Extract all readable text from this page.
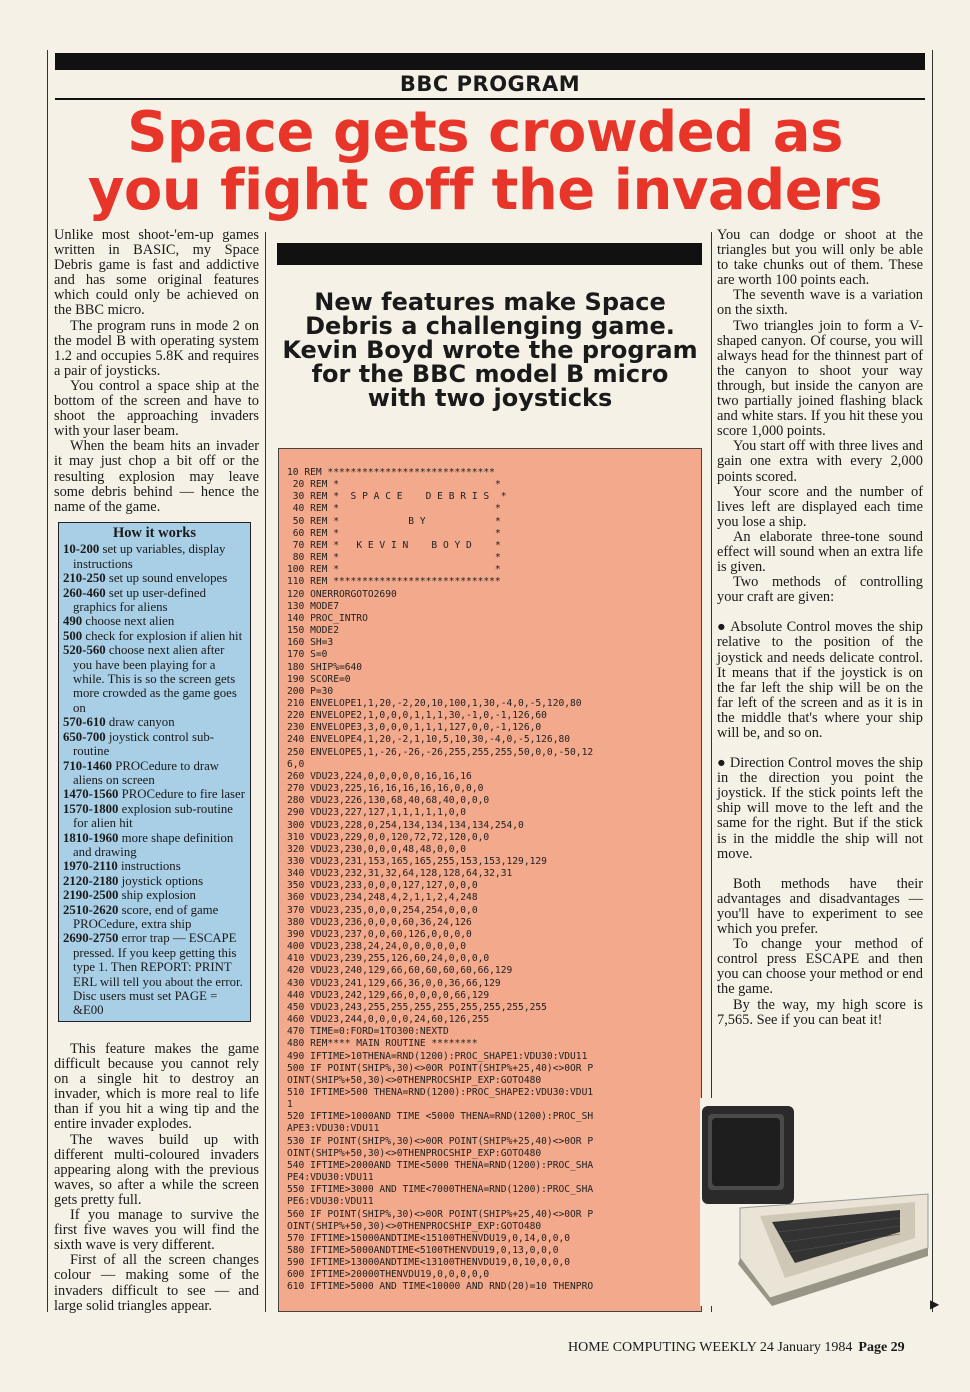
BBC PROGRAM
Space gets crowded as
you fight off the invaders

Unlike most shoot-'em-up games written in BASIC, my Space Debris game is fast and addictive and has some original features which could only be achieved on the BBC micro.

The program runs in mode 2 on the model B with operating system 1.2 and occupies 5.8K and requires a pair of joysticks.

You control a space ship at the bottom of the screen and have to shoot the approaching invaders with your laser beam.

When the beam hits an invader it may just chop a bit off or the resulting explosion may leave some debris behind — hence the name of the game.

How it works

10-200 set up variables, display instructions

210-250 set up sound envelopes

260-460 set up user-defined graphics for aliens

490 choose next alien

500 check for explosion if alien hit

520-560 choose next alien after you have been playing for a while. This is so the screen gets more crowded as the game goes on

570-610 draw canyon

650-700 joystick control sub-routine

710-1460 PROCedure to draw aliens on screen

1470-1560 PROCedure to fire laser

1570-1800 explosion sub-routine for alien hit

1810-1960 more shape definition and drawing

1970-2110 instructions

2120-2180 joystick options

2190-2500 ship explosion

2510-2620 score, end of game PROCedure, extra ship

2690-2750 error trap — ESCAPE pressed. If you keep getting this type 1. Then REPORT: PRINT ERL will tell you about the error. Disc users must set PAGE = &E00

This feature makes the game difficult because you cannot rely on a single hit to destroy an invader, which is more real to life than if you hit a wing tip and the entire invader explodes.

The waves build up with different multi-coloured invaders appearing along with the previous waves, so after a while the screen gets pretty full.

If you manage to survive the first five waves you will find the sixth wave is very different.

First of all the screen changes colour — making some of the invaders difficult to see — and large solid triangles appear.

New features make Space Debris a challenging game. Kevin Boyd wrote the program for the BBC model B micro with two joysticks
10 REM *****************************
20 REM *                           *
30 REM *  S P A C E    D E B R I S  *
40 REM *                           *
50 REM *            B Y            *
60 REM *                           *
70 REM *   K E V I N    B O Y D    *
80 REM *                           *
100 REM *                           *
110 REM *****************************
120 ONERRORGOTO2690
130 MODE7
140 PROC_INTRO
150 MODE2
160 SH=3
170 S=0
180 SHIP%=640
190 SCORE=0
200 P=30
210 ENVELOPE1,1,20,-2,20,10,100,1,30,-4,0,-5,120,80
220 ENVELOPE2,1,0,0,0,1,1,1,30,-1,0,-1,126,60
230 ENVELOPE3,3,0,0,0,1,1,1,127,0,0,-1,126,0
240 ENVELOPE4,1,20,-2,1,10,5,10,30,-4,0,-5,126,80
250 ENVELOPE5,1,-26,-26,-26,255,255,255,50,0,0,-50,12
6,0
260 VDU23,224,0,0,0,0,0,16,16,16
270 VDU23,225,16,16,16,16,16,0,0,0
280 VDU23,226,130,68,40,68,40,0,0,0
290 VDU23,227,127,1,1,1,1,1,0,0
300 VDU23,228,0,254,134,134,134,134,254,0
310 VDU23,229,0,0,120,72,72,120,0,0
320 VDU23,230,0,0,0,48,48,0,0,0
330 VDU23,231,153,165,165,255,153,153,129,129
340 VDU23,232,31,32,64,128,128,64,32,31
350 VDU23,233,0,0,0,127,127,0,0,0
360 VDU23,234,248,4,2,1,1,2,4,248
370 VDU23,235,0,0,0,254,254,0,0,0
380 VDU23,236,0,0,0,60,36,24,126
390 VDU23,237,0,0,60,126,0,0,0,0
400 VDU23,238,24,24,0,0,0,0,0,0
410 VDU23,239,255,126,60,24,0,0,0,0
420 VDU23,240,129,66,60,60,60,60,66,129
430 VDU23,241,129,66,36,0,0,36,66,129
440 VDU23,242,129,66,0,0,0,0,66,129
450 VDU23,243,255,255,255,255,255,255,255,255
460 VDU23,244,0,0,0,0,24,60,126,255
470 TIME=0:FORD=1TO300:NEXTD
480 REM**** MAIN ROUTINE ********
490 IFTIME>10THENA=RND(1200):PROC_SHAPE1:VDU30:VDU11
500 IF POINT(SHIP%,30)<>0OR POINT(SHIP%+25,40)<>0OR P
OINT(SHIP%+50,30)<>0THENPROCSHIP_EXP:GOTO480
510 IFTIME>500 THENA=RND(1200):PROC_SHAPE2:VDU30:VDU1
1
520 IFTIME>1000AND TIME <5000 THENA=RND(1200):PROC_SH
APE3:VDU30:VDU11
530 IF POINT(SHIP%,30)<>0OR POINT(SHIP%+25,40)<>0OR P
OINT(SHIP%+50,30)<>0THENPROCSHIP_EXP:GOTO480
540 IFTIME>2000AND TIME<5000 THENA=RND(1200):PROC_SHA
PE4:VDU30:VDU11
550 IFTIME>3000 AND TIME<7000THENA=RND(1200):PROC_SHA
PE6:VDU30:VDU11
560 IF POINT(SHIP%,30)<>0OR POINT(SHIP%+25,40)<>0OR P
OINT(SHIP%+50,30)<>0THENPROCSHIP_EXP:GOTO480
570 IFTIME>15000ANDTIME<15100THENVDU19,0,14,0,0,0
580 IFTIME>5000ANDTIME<5100THENVDU19,0,13,0,0,0
590 IFTIME>13000ANDTIME<13100THENVDU19,0,10,0,0,0
600 IFTIME>20000THENVDU19,0,0,0,0,0
610 IFTIME>5000 AND TIME<10000 AND RND(20)=10 THENPRO

You can dodge or shoot at the triangles but you will only be able to take chunks out of them. These are worth 100 points each.

The seventh wave is a variation on the sixth.

Two triangles join to form a V-shaped canyon. Of course, you will always head for the thinnest part of the canyon to shoot your way through, but inside the canyon are two partially joined flashing black and white stars. If you hit these you score 1,000 points.

You start off with three lives and gain one extra with every 2,000 points scored.

Your score and the number of lives left are displayed each time you lose a ship.

An elaborate three-tone sound effect will sound when an extra life is given.

Two methods of controlling your craft are given:

● Absolute Control moves the ship relative to the position of the joystick and needs delicate control. It means that if the joystick is on the far left the ship will be on the far left of the screen and as it is in the middle that's where your ship will be, and so on.

● Direction Control moves the ship in the direction you point the joystick. If the stick points left the ship will move to the left and the same for the right. But if the stick is in the middle the ship will not move.

Both methods have their advantages and disadvantages — you'll have to experiment to see which you prefer.

To change your method of control press ESCAPE and then you can choose your method or end the game.

By the way, my high score is 7,565. See if you can beat it!

▶
HOME COMPUTING WEEKLY 24 January 1984 Page 29
